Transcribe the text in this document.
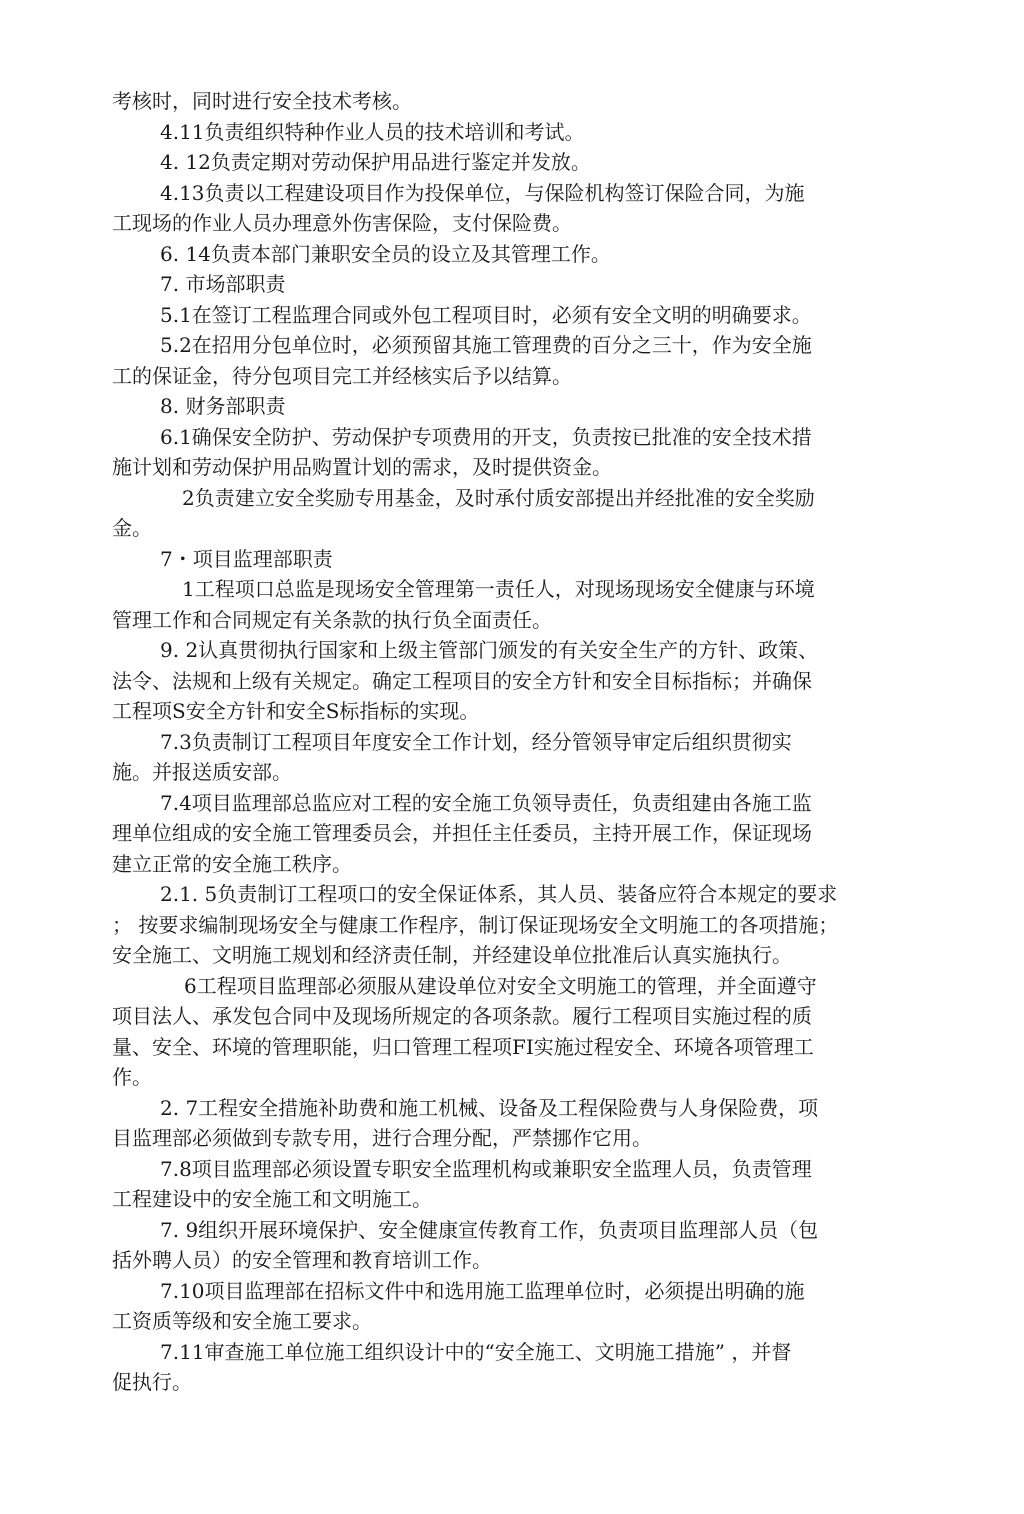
考核时，同时进行安全技术考核。
4.11负责组织特种作业人员的技术培训和考试。
4. 12负责定期对劳动保护用品进行鉴定并发放。
4.13负责以工程建设项目作为投保单位，与保险机构签订保险合同，为施
工现场的作业人员办理意外伤害保险，支付保险费。
6. 14负责本部门兼职安全员的设立及其管理工作。
7. 市场部职责
5.1在签订工程监理合同或外包工程项目时，必须有安全文明的明确要求。
5.2在招用分包单位时，必须预留其施工管理费的百分之三十，作为安全施
工的保证金，待分包项目完工并经核实后予以结算。
8. 财务部职责
6.1确保安全防护、劳动保护专项费用的开支，负责按已批准的安全技术措
施计划和劳动保护用品购置计划的需求，及时提供资金。
2负责建立安全奖励专用基金，及时承付质安部提出并经批准的安全奖励
金。
7・项目监理部职责
1工程项口总监是现场安全管理第一责任人，对现场现场安全健康与环境
管理工作和合同规定有关条款的执行负全面责任。
9. 2认真贯彻执行国家和上级主管部门颁发的有关安全生产的方针、政策、
法令、法规和上级有关规定。确定工程项目的安全方针和安全目标指标；并确保
工程项S安全方针和安全S标指标的实现。
7.3负责制订工程项目年度安全工作计划，经分管领导审定后组织贯彻实
施。并报送质安部。
7.4项目监理部总监应对工程的安全施工负领导责任，负责组建由各施工监
理单位组成的安全施工管理委员会，并担任主任委员，主持开展工作，保证现场
建立正常的安全施工秩序。
2.1. 5负责制订工程项口的安全保证体系，其人员、装备应符合本规定的要求
； 按要求编制现场安全与健康工作程序，制订保证现场安全文明施工的各项措施；
安全施工、文明施工规划和经济责任制，并经建设单位批准后认真实施执行。
6工程项目监理部必须服从建设单位对安全文明施工的管理，并全面遵守
项目法人、承发包合同中及现场所规定的各项条款。履行工程项目实施过程的质
量、安全、环境的管理职能，归口管理工程项FI实施过程安全、环境各项管理工
作。
2. 7工程安全措施补助费和施工机械、设备及工程保险费与人身保险费，项
目监理部必须做到专款专用，进行合理分配，严禁挪作它用。
7.8项目监理部必须设置专职安全监理机构或兼职安全监理人员，负责管理
工程建设中的安全施工和文明施工。
7. 9组织开展环境保护、安全健康宣传教育工作，负责项目监理部人员（包
括外聘人员）的安全管理和教育培训工作。
7.10项目监理部在招标文件中和选用施工监理单位时，必须提出明确的施
工资质等级和安全施工要求。
7.11审查施工单位施工组织设计中的“安全施工、文明施工措施” ，并督
促执行。
